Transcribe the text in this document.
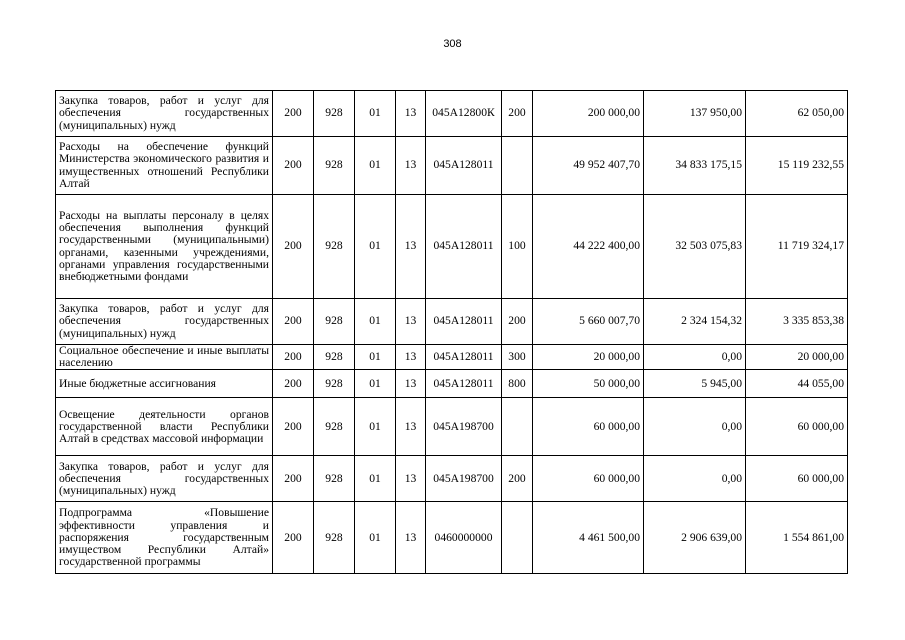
308
Закупка товаров, работ и услуг для обеспечения государственных (муниципальных) нужд	200	928	01	13	045А12800К	200	200 000,00	137 950,00	62 050,00
Расходы на обеспечение функций Министерства экономического развития и имущественных отношений Республики Алтай	200	928	01	13	045А128011		49 952 407,70	34 833 175,15	15 119 232,55
Расходы на выплаты персоналу в целях обеспечения выполнения функций государственными (муниципальными) органами, казенными учреждениями, органами управления государственными внебюджетными фондами	200	928	01	13	045А128011	100	44 222 400,00	32 503 075,83	11 719 324,17
Закупка товаров, работ и услуг для обеспечения государственных (муниципальных) нужд	200	928	01	13	045А128011	200	5 660 007,70	2 324 154,32	3 335 853,38
Социальное обеспечение и иные выплаты населению	200	928	01	13	045А128011	300	20 000,00	0,00	20 000,00
Иные бюджетные ассигнования	200	928	01	13	045А128011	800	50 000,00	5 945,00	44 055,00
Освещение деятельности органов государственной власти Республики Алтай в средствах массовой информации	200	928	01	13	045А198700		60 000,00	0,00	60 000,00
Закупка товаров, работ и услуг для обеспечения государственных (муниципальных) нужд	200	928	01	13	045А198700	200	60 000,00	0,00	60 000,00
Подпрограмма «Повышение эффективности управления и распоряжения государственным имуществом Республики Алтай» государственной программы	200	928	01	13	0460000000		4 461 500,00	2 906 639,00	1 554 861,00
